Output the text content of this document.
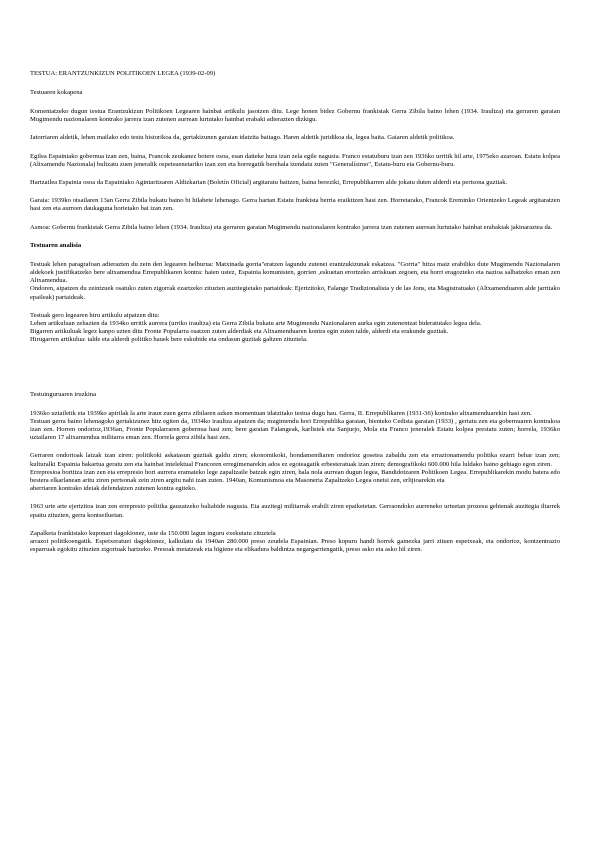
TESTUA: ERANTZUNKIZUN POLITIKOEN LEGEA (1939-02-09)
Testuaren kokapena

Komentatzeko dugun testua Erantzukizun Politikoen Legearen hainbat artikulu jasotzen ditu. Lege honen bidez Gobernu frankistak Gerra Zibila baino lehen (1934. Iraultza) eta gerraren garaian Mugimendu nazionalaren kontrako jarrera izan zutenen aurrean lurtutako hainbat erabaki adierazten dizkigu.

Jatorriaren aldetik, lehen mailako edo testu historikoa da, gertakizunen garaian idatzita baitago. Haren aldetik juridikoa da, legea baita. Gaiaren aldetik politikoa.

Egilea Espainiako gobernua izan zen, baina, Francok zeukanez botere osoa, esan daiteke hura izan zela egile nagusia. Franco estatuburu izan zen 1936ko urritik hil arte, 1975eko azaroan. Estatu kolpea (Altxamendu Nazionala) bultzatu zuen jeneralik ospetsuenetariko izan zen eta horregatik berehala izendatu zuten "Generalísimo", Estatu-buru eta Gobernu-buru.

Hartzailea Espainia osoa da Espainiako Agintaritzaren Aldizkarian (Boletín Oficial) argitaratu baitzen, baina bereziki, Errepublikarren alde jokatu duten alderdi eta pertsona guztiak.

Garaia: 1939ko otsailaren 13an Gerra Zibila bukatu baino bi hilabete lehenago. Gerra hartan Estatu frankista berria eraikitzen hasi zen. Horretarako, Francok Ereminko Orientzeko Legeak argitaratzen hasi zen eta aurreen daukagunа horietako bat izan zen.

Asmoa: Gobernu frankistak Gerra Zibila baino lehen (1934. Iraultza) eta gerraren garaian Mugimendu nazionalaren kontrako jarrera izan zutenen aurrean lurtutako hainbat erabakiak jakinaraztea da.

Testuaren analisia

Testuak lehen paragrafoan adierazten du zein den legearen helburua: Matxinada gorria"eratzen lagundu zutenei erantzukizunak eskatzea. "Gorria" hitza maiz erabiliko dute Mugimendu Nazionalaren aldekoek justifikatzeko bere altxamendua Errepublikaren kontra: haien ustez, Espainia komunisten, gorrien ,eskuetan erortzeko arriskuan zegoen, eta horri eragozteko eta naziоa salbatzeko eman zen Altxamendua.

Ondoren, aipatzen du zeintzuek osatuko zuten zigorrak ezartzeko zituzten auzitegietako partaideak: Ejertzitoko, Falange Tradizionalista y de las Jons, eta Magistratuako (Altxamenduaren alde jarritako epaileak) partaideak.

Testuak gero legearen hiru artikulu aipatzen ditu:

Lehen artikuluan zehazten da 1934ko urritik aurrera (urriko iraultza) eta Gerra Zibila bukatu arte Mugimendu Nazionalaren aurka egin zutenentzat bideratutako legea dela.

Bigarren artikuluak legez kanpo uzten ditu Fronte Popularra osatzen zuten alderdiak eta Altxamenduaren kontra egin zuten talde, alderdi eta erakunde guztiak.

Hirugarren artikulua: talde eta alderdi politiko hauek bere eskubide eta ondasun guztiak galtzen zituztela.

Testuinguruaren iruzkina

1936ko uztailetik eta 1939ko apirilak la arte iraun zuen gerra zibilaren azken momentuan idatzitako testua dugu hau. Gerra, II. Errepublikaren (1931-36) kontrako altxamenduarekin hasi zen.

Testuan gerra baino lehenagoko gertakizunez hitz egiten da, 1934ko iraultza aipatzen da; mugimendu hori Errepublika garaian, bienteko Cedista garaian (1933) , gertatu zen eta gobernuaren kontrakoa izan zen. Horren ondorioz,1936an, Fronte Popularraren gobernua hasi zen; bere garaian Falangeak, karlistek eta Sanjurjo, Mola eta Franco jeneralek Estatu kolpea prestatu zuten; horrela, 1936ko uztailaren 17 altxamendua militarra eman zen. Horrela gerra zibila hasi zen.

Gerraren ondorioak latzak izan ziren: politikoki askatasun guztiak galdu ziren; ekonomikoki, hondamendiaren ondorioz gosetea zabaldu zen eta errazionamendu politika ezarri behar izan zen; kulturalki Espainia bakartua geratu zen eta hainbat intelektual Francoren erregimenarekin ados ez egoteagatik erbesteratuak izan ziren; demografikoki 600.000 hila luldako baino gehiago egon ziren.

Errepresioa bortitza izan zen eta errepresio hori aurrera eramateko lege zapaltzaile batzuk egin ziren, hala nola aurrean dugun legea, Bandidotzaren Politikoen Legea. Errepublikarekin modu batera edo bestera elkarlanean aritu ziren pertsonak zein ziren argitu nahi izan zuten. 1940an, Komunismoa eta Masoneria Zapaltzeko Legea onetsi zen, erlijioarekin eta

aberriaren kontrako ideiak defendatzen zutenen kontra egiteko.

1963 urte arte ejertzitoa izan zen errepresio politika gauzatzeko baliabide nagusia. Eta auzitegi militarrak erabili ziren epaiketetan. Gerraondoko aurreneko urteetan prozesu gehienak auzitegia iltarrek epaitu zituzten, gerra kontseiluetan.

Zapalketa frankistako kuponari dagokionez, uste da 150.000 lagun inguru exekutatu zituztela

arrazoi politikoengatik. Espetxeratuei dagokionez, kalkulatu da 1940an 280.000 preso zeudela Espainian. Preso kopuru handi horrek gainezka jarri zituen espetxeak, eta ondorioz, kontzentrazio esparruak egokitu zituzten zigortuak hartzeko. Presoak metatzeak eta higiene eta elikadura baldintza negargarriengatik, preso asko eta asko hil ziren.
